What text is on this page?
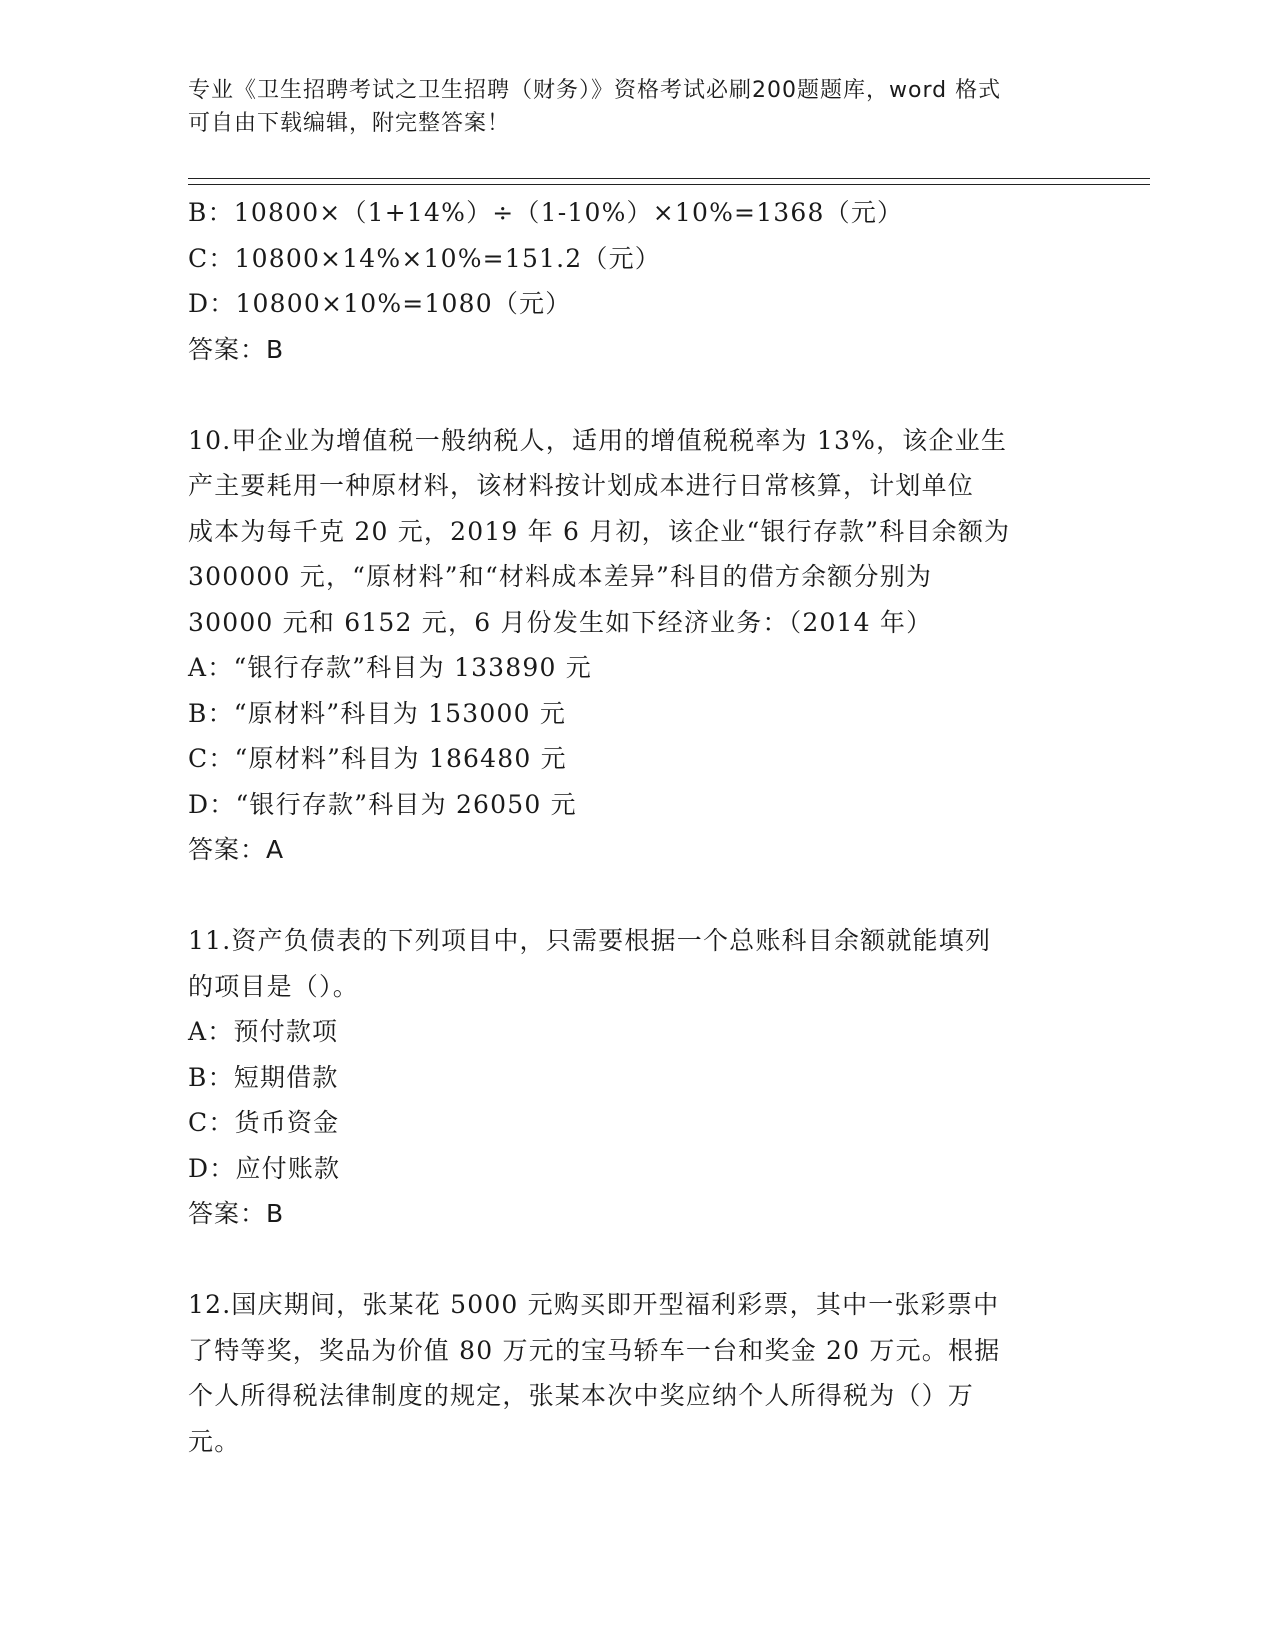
专业《卫生招聘考试之卫生招聘（财务）》资格考试必刷200题题库，word 格式
可自由下载编辑，附完整答案！
B：10800×（1+14%）÷（1-10%）×10%=1368（元）
C：10800×14%×10%=151.2（元）
D：10800×10%=1080（元）
答案：B
10.甲企业为增值税一般纳税人，适用的增值税税率为 13%，该企业生
产主要耗用一种原材料，该材料按计划成本进行日常核算，计划单位
成本为每千克 20 元，2019 年 6 月初，该企业“银行存款”科目余额为
300000 元，“原材料”和“材料成本差异”科目的借方余额分别为
30000 元和 6152 元，6 月份发生如下经济业务：（2014 年）
A：“银行存款”科目为 133890 元
B：“原材料”科目为 153000 元
C：“原材料”科目为 186480 元
D：“银行存款”科目为 26050 元
答案：A
11.资产负债表的下列项目中，只需要根据一个总账科目余额就能填列
的项目是（）。
A：预付款项
B：短期借款
C：货币资金
D：应付账款
答案：B
12.国庆期间，张某花 5000 元购买即开型福利彩票，其中一张彩票中
了特等奖，奖品为价值 80 万元的宝马轿车一台和奖金 20 万元。根据
个人所得税法律制度的规定，张某本次中奖应纳个人所得税为（）万
元。
